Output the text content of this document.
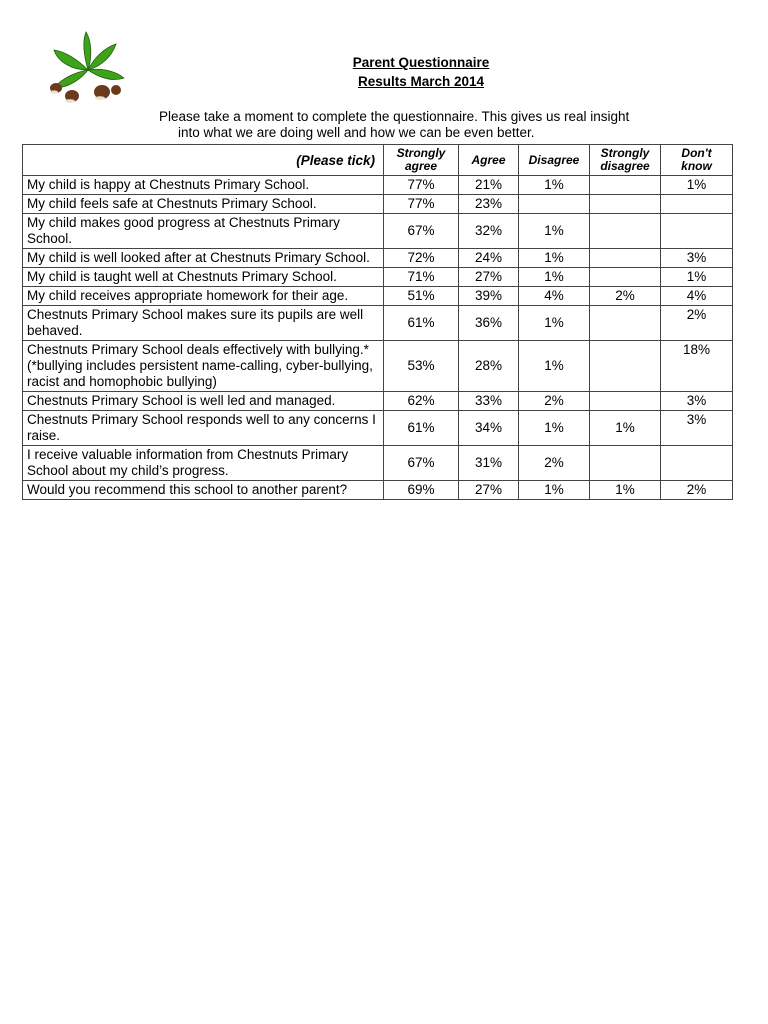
Parent Questionnaire
Results March 2014
Please take a moment to complete the questionnaire. This gives us real insight
into what we are doing well and how we can be even better.
(Please tick)	Strongly agree	Agree	Disagree	Strongly disagree	Don't know
My child is happy at Chestnuts Primary School.	77%	21%	1%		1%
My child feels safe at Chestnuts Primary School.	77%	23%			
My child makes good progress at Chestnuts Primary School.	67%	32%	1%		
My child is well looked after at Chestnuts Primary School.	72%	24%	1%		3%
My child is taught well at Chestnuts Primary School.	71%	27%	1%		1%
My child receives appropriate homework for their age.	51%	39%	4%	2%	4%
Chestnuts Primary School makes sure its pupils are well behaved.	61%	36%	1%		2%
Chestnuts Primary School deals effectively with bullying.*
(*bullying includes persistent name-calling, cyber-bullying, racist and homophobic bullying)	53%	28%	1%		18%
Chestnuts Primary School is well led and managed.	62%	33%	2%		3%
Chestnuts Primary School responds well to any concerns I raise.	61%	34%	1%	1%	3%
I receive valuable information from Chestnuts Primary School about my child’s progress.	67%	31%	2%		
Would you recommend this school to another parent?	69%	27%	1%	1%	2%
